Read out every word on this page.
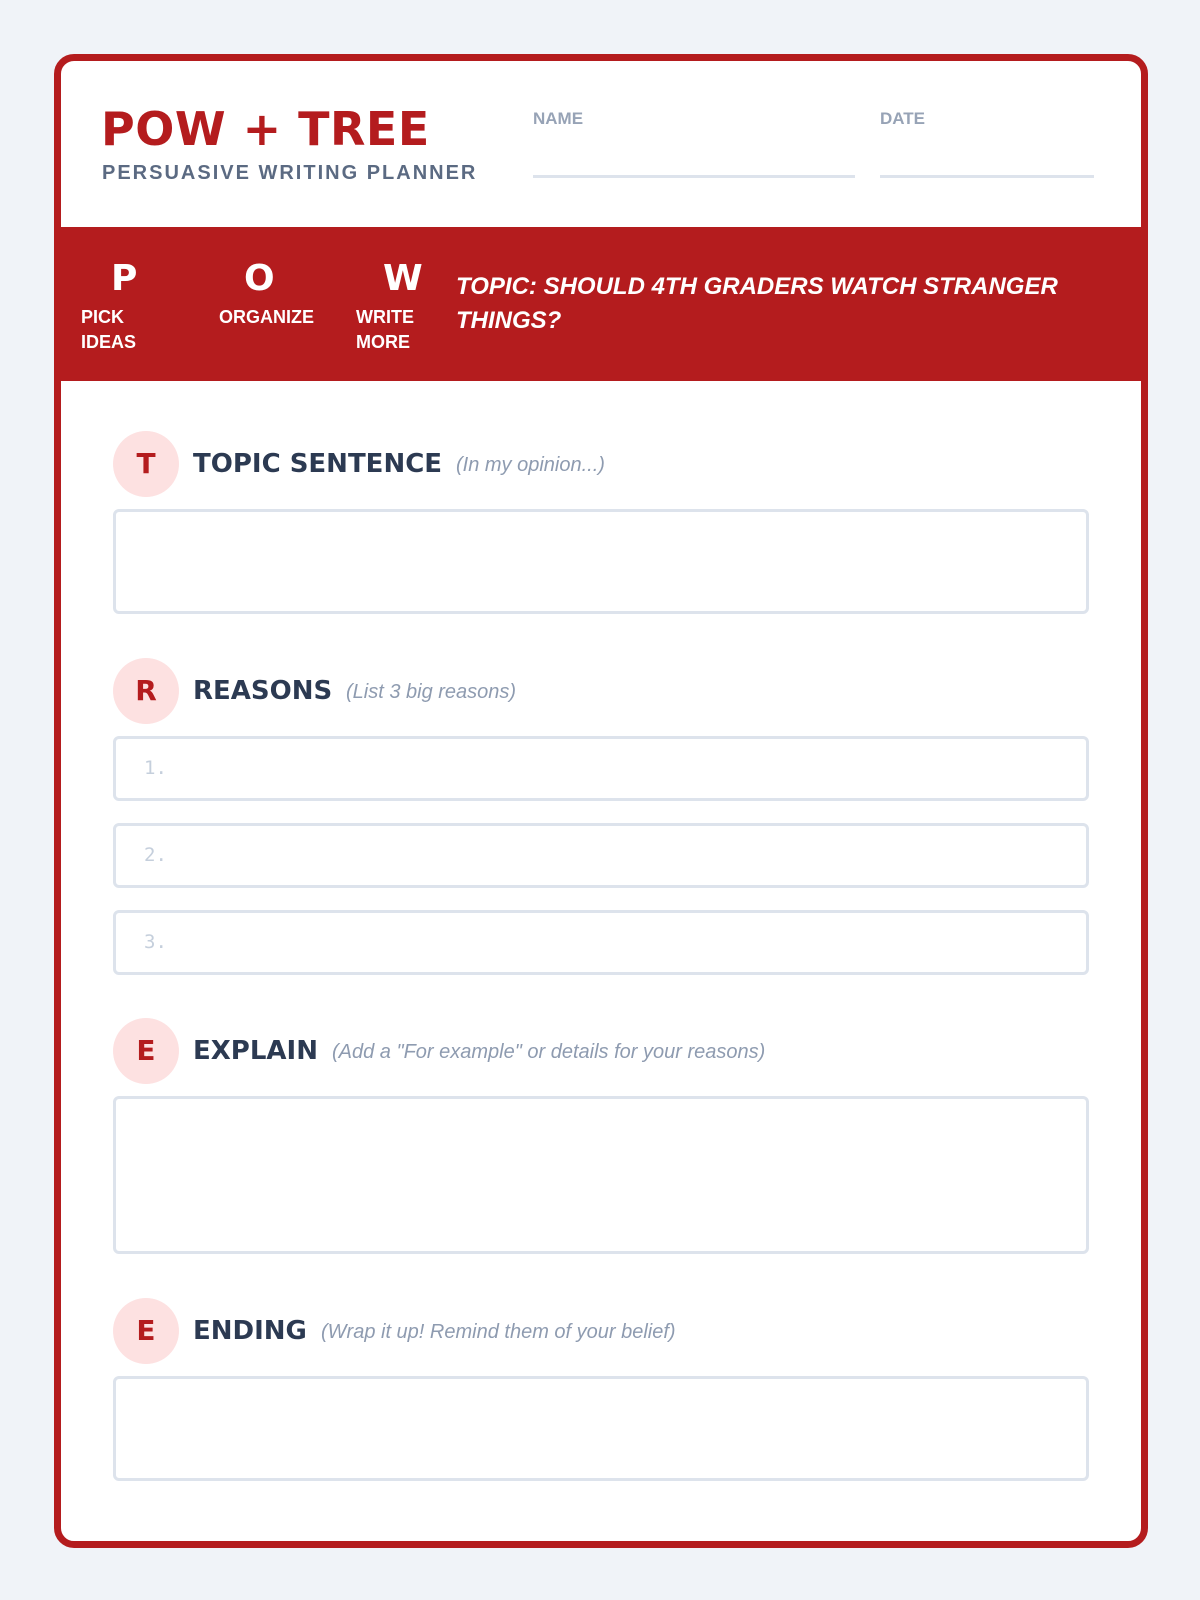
POW + TREE
PERSUASIVE WRITING PLANNER
NAME	DATE
P
PICK
IDEAS
O
ORGANIZE
W
WRITE
MORE
TOPIC: SHOULD 4TH GRADERS WATCH STRANGER THINGS?
T	TOPIC SENTENCE (In my opinion...)
R	REASONS (List 3 big reasons)
1.
2.
3.
E	EXPLAIN (Add a "For example" or details for your reasons)
E	ENDING (Wrap it up! Remind them of your belief)
